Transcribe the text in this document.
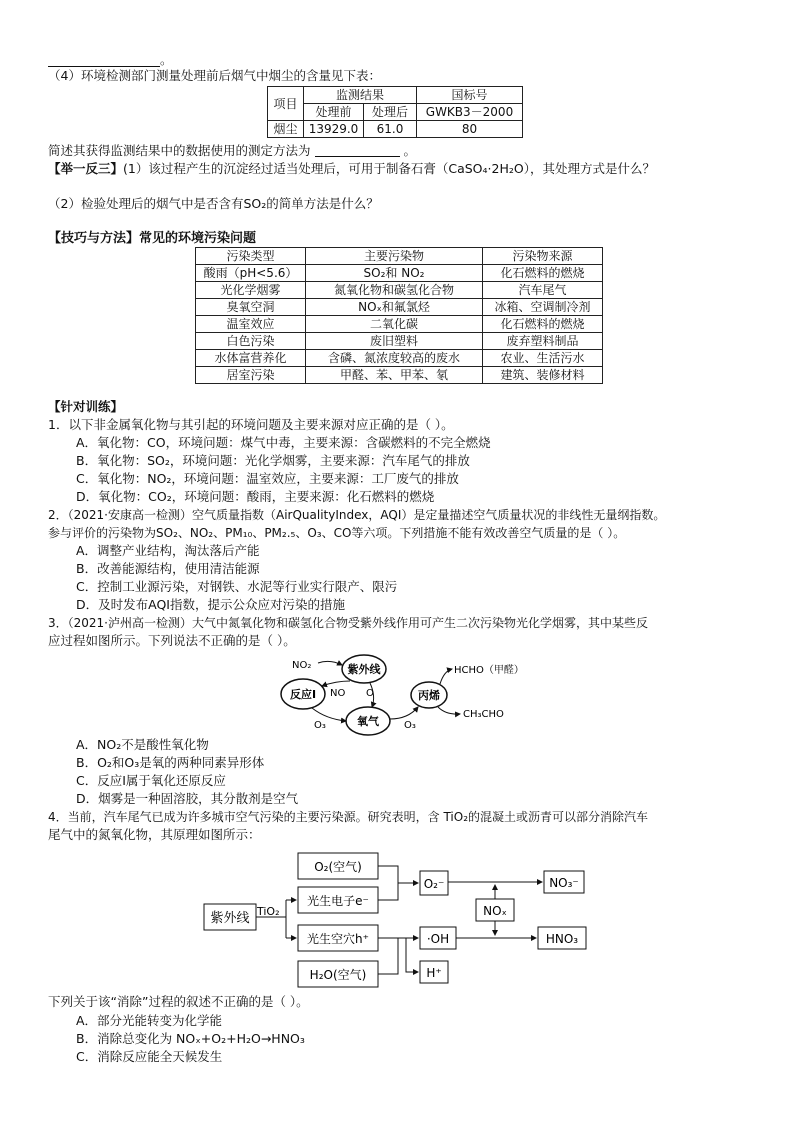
。
（4）环境检测部门测量处理前后烟气中烟尘的含量见下表：
项目	监测结果		国标号
	处理前	处理后	GWKB3－2000
烟尘	13929.0	61.0	80
简述其获得监测结果中的数据使用的测定方法为	。
【举一反三】(1）该过程产生的沉淀经过适当处理后，可用于制备石膏（CaSO₄·2H₂O），其处理方式是什么？
（2）检验处理后的烟气中是否含有SO₂的简单方法是什么？
【技巧与方法】常见的环境污染问题
污染类型	主要污染物	污染物来源
酸雨（pH<5.6）	SO₂和 NO₂	化石燃料的燃烧
光化学烟雾	氮氧化物和碳氢化合物	汽车尾气
臭氧空洞	NOₓ和氟氯烃	冰箱、空调制冷剂
温室效应	二氧化碳	化石燃料的燃烧
白色污染	废旧塑料	废弃塑料制品
水体富营养化	含磷、氮浓度较高的废水	农业、生活污水
居室污染	甲醛、苯、甲苯、氡	建筑、装修材料
【针对训练】
1．以下非金属氧化物与其引起的环境问题及主要来源对应正确的是（ ）。
A．氧化物：CO，环境问题：煤气中毒，主要来源：含碳燃料的不完全燃烧
B．氧化物：SO₂，环境问题：光化学烟雾，主要来源：汽车尾气的排放
C．氧化物：NO₂，环境问题：温室效应，主要来源：工厂废气的排放
D．氧化物：CO₂，环境问题：酸雨，主要来源：化石燃料的燃烧
2．（2021·安康高一检测）空气质量指数（AirQualityIndex，AQI）是定量描述空气质量状况的非线性无量纲指数。
参与评价的污染物为SO₂、NO₂、PM₁₀、PM₂.₅、O₃、CO等六项。下列措施不能有效改善空气质量的是（ ）。
A．调整产业结构，淘汰落后产能
B．改善能源结构，使用清洁能源
C．控制工业源污染，对钢铁、水泥等行业实行限产、限污
D．及时发布AQI指数，提示公众应对污染的措施
3．（2021·泸州高一检测）大气中氮氧化物和碳氢化合物受紫外线作用可产生二次污染物光化学烟雾，其中某些反
应过程如图所示。下列说法不正确的是（ ）。
反应I
紫外线
氧气
丙烯
NO₂
NO O
O₃	O₃
HCHO（甲醛）
CH₃CHO
A．NO₂不是酸性氧化物
B．O₂和O₃是氧的两种同素异形体
C．反应I属于氧化还原反应
D．烟雾是一种固溶胶，其分散剂是空气
4．当前，汽车尾气已成为许多城市空气污染的主要污染源。研究表明，含 TiO₂的混凝土或沥青可以部分消除汽车
尾气中的氮氧化物，其原理如图所示：
紫外线 TiO₂
O₂(空气)
光生电子e⁻
光生空穴h⁺
H₂O(空气)
O₂⁻	NO₃⁻
NOₓ
·OH	HNO₃
H⁺
下列关于该“消除”过程的叙述不正确的是（ ）。
A．部分光能转变为化学能
B．消除总变化为 NOₓ+O₂+H₂O→HNO₃
C．消除反应能全天候发生
